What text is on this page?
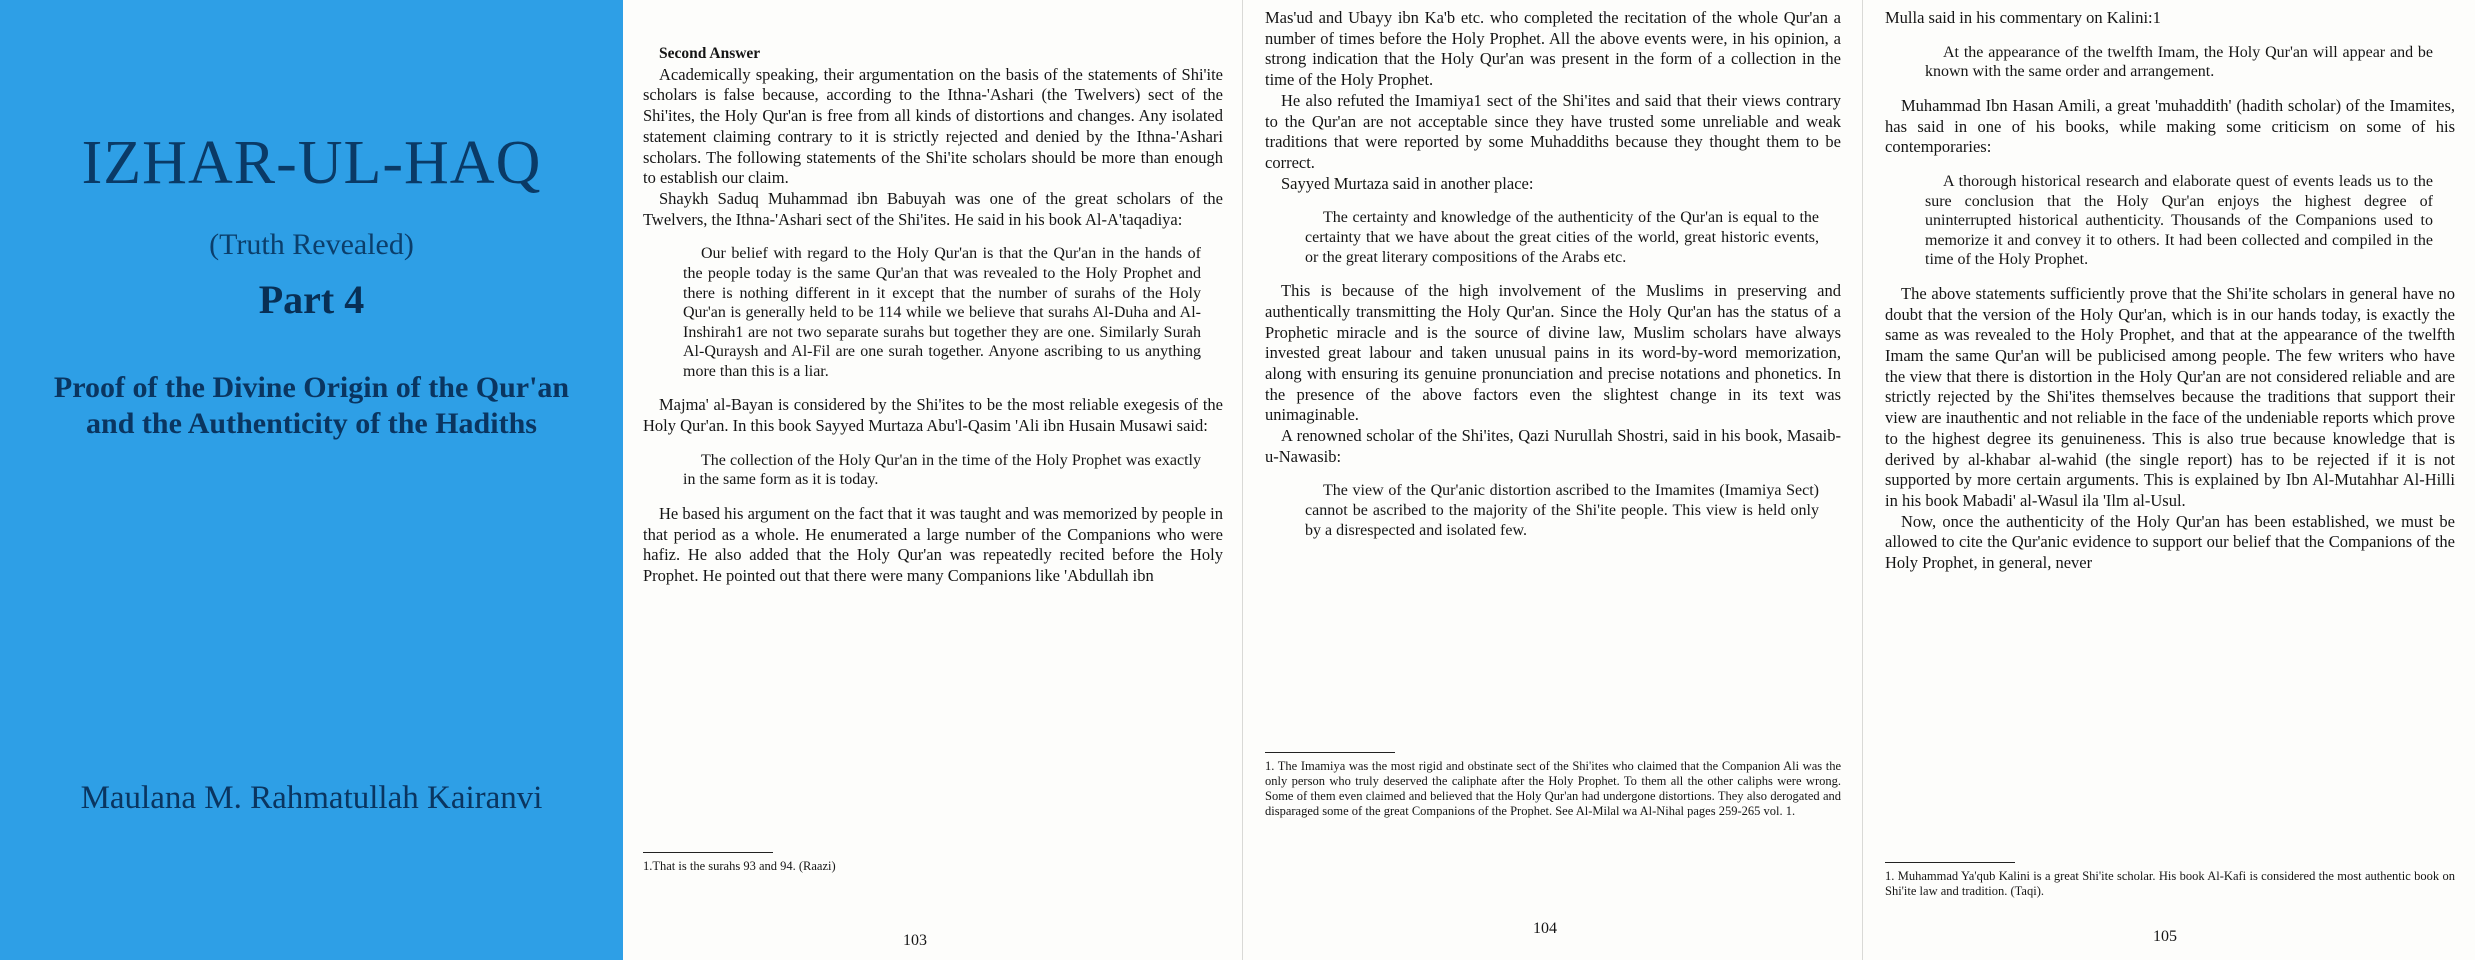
IZHAR-UL-HAQ
(Truth Revealed)
Part 4
Proof of the Divine Origin of the Qur'an
and the Authenticity of the Hadiths
Maulana M. Rahmatullah Kairanvi

Second Answer

Academically speaking, their argumentation on the basis of the statements of Shi'ite scholars is false because, according to the Ithna-'Ashari (the Twelvers) sect of the Shi'ites, the Holy Qur'an is free from all kinds of distortions and changes. Any isolated statement claiming contrary to it is strictly rejected and denied by the Ithna-'Ashari scholars. The following statements of the Shi'ite scholars should be more than enough to establish our claim.

Shaykh Saduq Muhammad ibn Babuyah was one of the great scholars of the Twelvers, the Ithna-'Ashari sect of the Shi'ites. He said in his book Al-A'taqadiya:

Our belief with regard to the Holy Qur'an is that the Qur'an in the hands of the people today is the same Qur'an that was revealed to the Holy Prophet and there is nothing different in it except that the number of surahs of the Holy Qur'an is generally held to be 114 while we believe that surahs Al-Duha and Al-Inshirah1 are not two separate surahs but together they are one. Similarly Surah Al-Quraysh and Al-Fil are one surah together. Anyone ascribing to us anything more than this is a liar.

Majma' al-Bayan is considered by the Shi'ites to be the most reliable exegesis of the Holy Qur'an. In this book Sayyed Murtaza Abu'l-Qasim 'Ali ibn Husain Musawi said:

The collection of the Holy Qur'an in the time of the Holy Prophet was exactly in the same form as it is today.

He based his argument on the fact that it was taught and was memorized by people in that period as a whole. He enumerated a large number of the Companions who were hafiz. He also added that the Holy Qur'an was repeatedly recited before the Holy Prophet. He pointed out that there were many Companions like 'Abdullah ibn

1.That is the surahs 93 and 94. (Raazi)
103

Mas'ud and Ubayy ibn Ka'b etc. who completed the recitation of the whole Qur'an a number of times before the Holy Prophet. All the above events were, in his opinion, a strong indication that the Holy Qur'an was present in the form of a collection in the time of the Holy Prophet.

He also refuted the Imamiya1 sect of the Shi'ites and said that their views contrary to the Qur'an are not acceptable since they have trusted some unreliable and weak traditions that were reported by some Muhaddiths because they thought them to be correct.

Sayyed Murtaza said in another place:

The certainty and knowledge of the authenticity of the Qur'an is equal to the certainty that we have about the great cities of the world, great historic events, or the great literary compositions of the Arabs etc.

This is because of the high involvement of the Muslims in preserving and authentically transmitting the Holy Qur'an. Since the Holy Qur'an has the status of a Prophetic miracle and is the source of divine law, Muslim scholars have always invested great labour and taken unusual pains in its word-by-word memorization, along with ensuring its genuine pronunciation and precise notations and phonetics. In the presence of the above factors even the slightest change in its text was unimaginable.

A renowned scholar of the Shi'ites, Qazi Nurullah Shostri, said in his book, Masaib-u-Nawasib:

The view of the Qur'anic distortion ascribed to the Imamites (Imamiya Sect) cannot be ascribed to the majority of the Shi'ite people. This view is held only by a disrespected and isolated few.

1. The Imamiya was the most rigid and obstinate sect of the Shi'ites who claimed that the Companion Ali was the only person who truly deserved the caliphate after the Holy Prophet. To them all the other caliphs were wrong. Some of them even claimed and believed that the Holy Qur'an had undergone distortions. They also derogated and disparaged some of the great Companions of the Prophet. See Al-Milal wa Al-Nihal pages 259-265 vol. 1.
104

Mulla said in his commentary on Kalini:1

At the appearance of the twelfth Imam, the Holy Qur'an will appear and be known with the same order and arrangement.

Muhammad Ibn Hasan Amili, a great 'muhaddith' (hadith scholar) of the Imamites, has said in one of his books, while making some criticism on some of his contemporaries:

A thorough historical research and elaborate quest of events leads us to the sure conclusion that the Holy Qur'an enjoys the highest degree of uninterrupted historical authenticity. Thousands of the Companions used to memorize it and convey it to others. It had been collected and compiled in the time of the Holy Prophet.

The above statements sufficiently prove that the Shi'ite scholars in general have no doubt that the version of the Holy Qur'an, which is in our hands today, is exactly the same as was revealed to the Holy Prophet, and that at the appearance of the twelfth Imam the same Qur'an will be publicised among people. The few writers who have the view that there is distortion in the Holy Qur'an are not considered reliable and are strictly rejected by the Shi'ites themselves because the traditions that support their view are inauthentic and not reliable in the face of the undeniable reports which prove to the highest degree its genuineness. This is also true because knowledge that is derived by al-khabar al-wahid (the single report) has to be rejected if it is not supported by more certain arguments. This is explained by Ibn Al-Mutahhar Al-Hilli in his book Mabadi' al-Wasul ila 'Ilm al-Usul.

Now, once the authenticity of the Holy Qur'an has been established, we must be allowed to cite the Qur'anic evidence to support our belief that the Companions of the Holy Prophet, in general, never

1. Muhammad Ya'qub Kalini is a great Shi'ite scholar. His book Al-Kafi is considered the most authentic book on Shi'ite law and tradition. (Taqi).
105
